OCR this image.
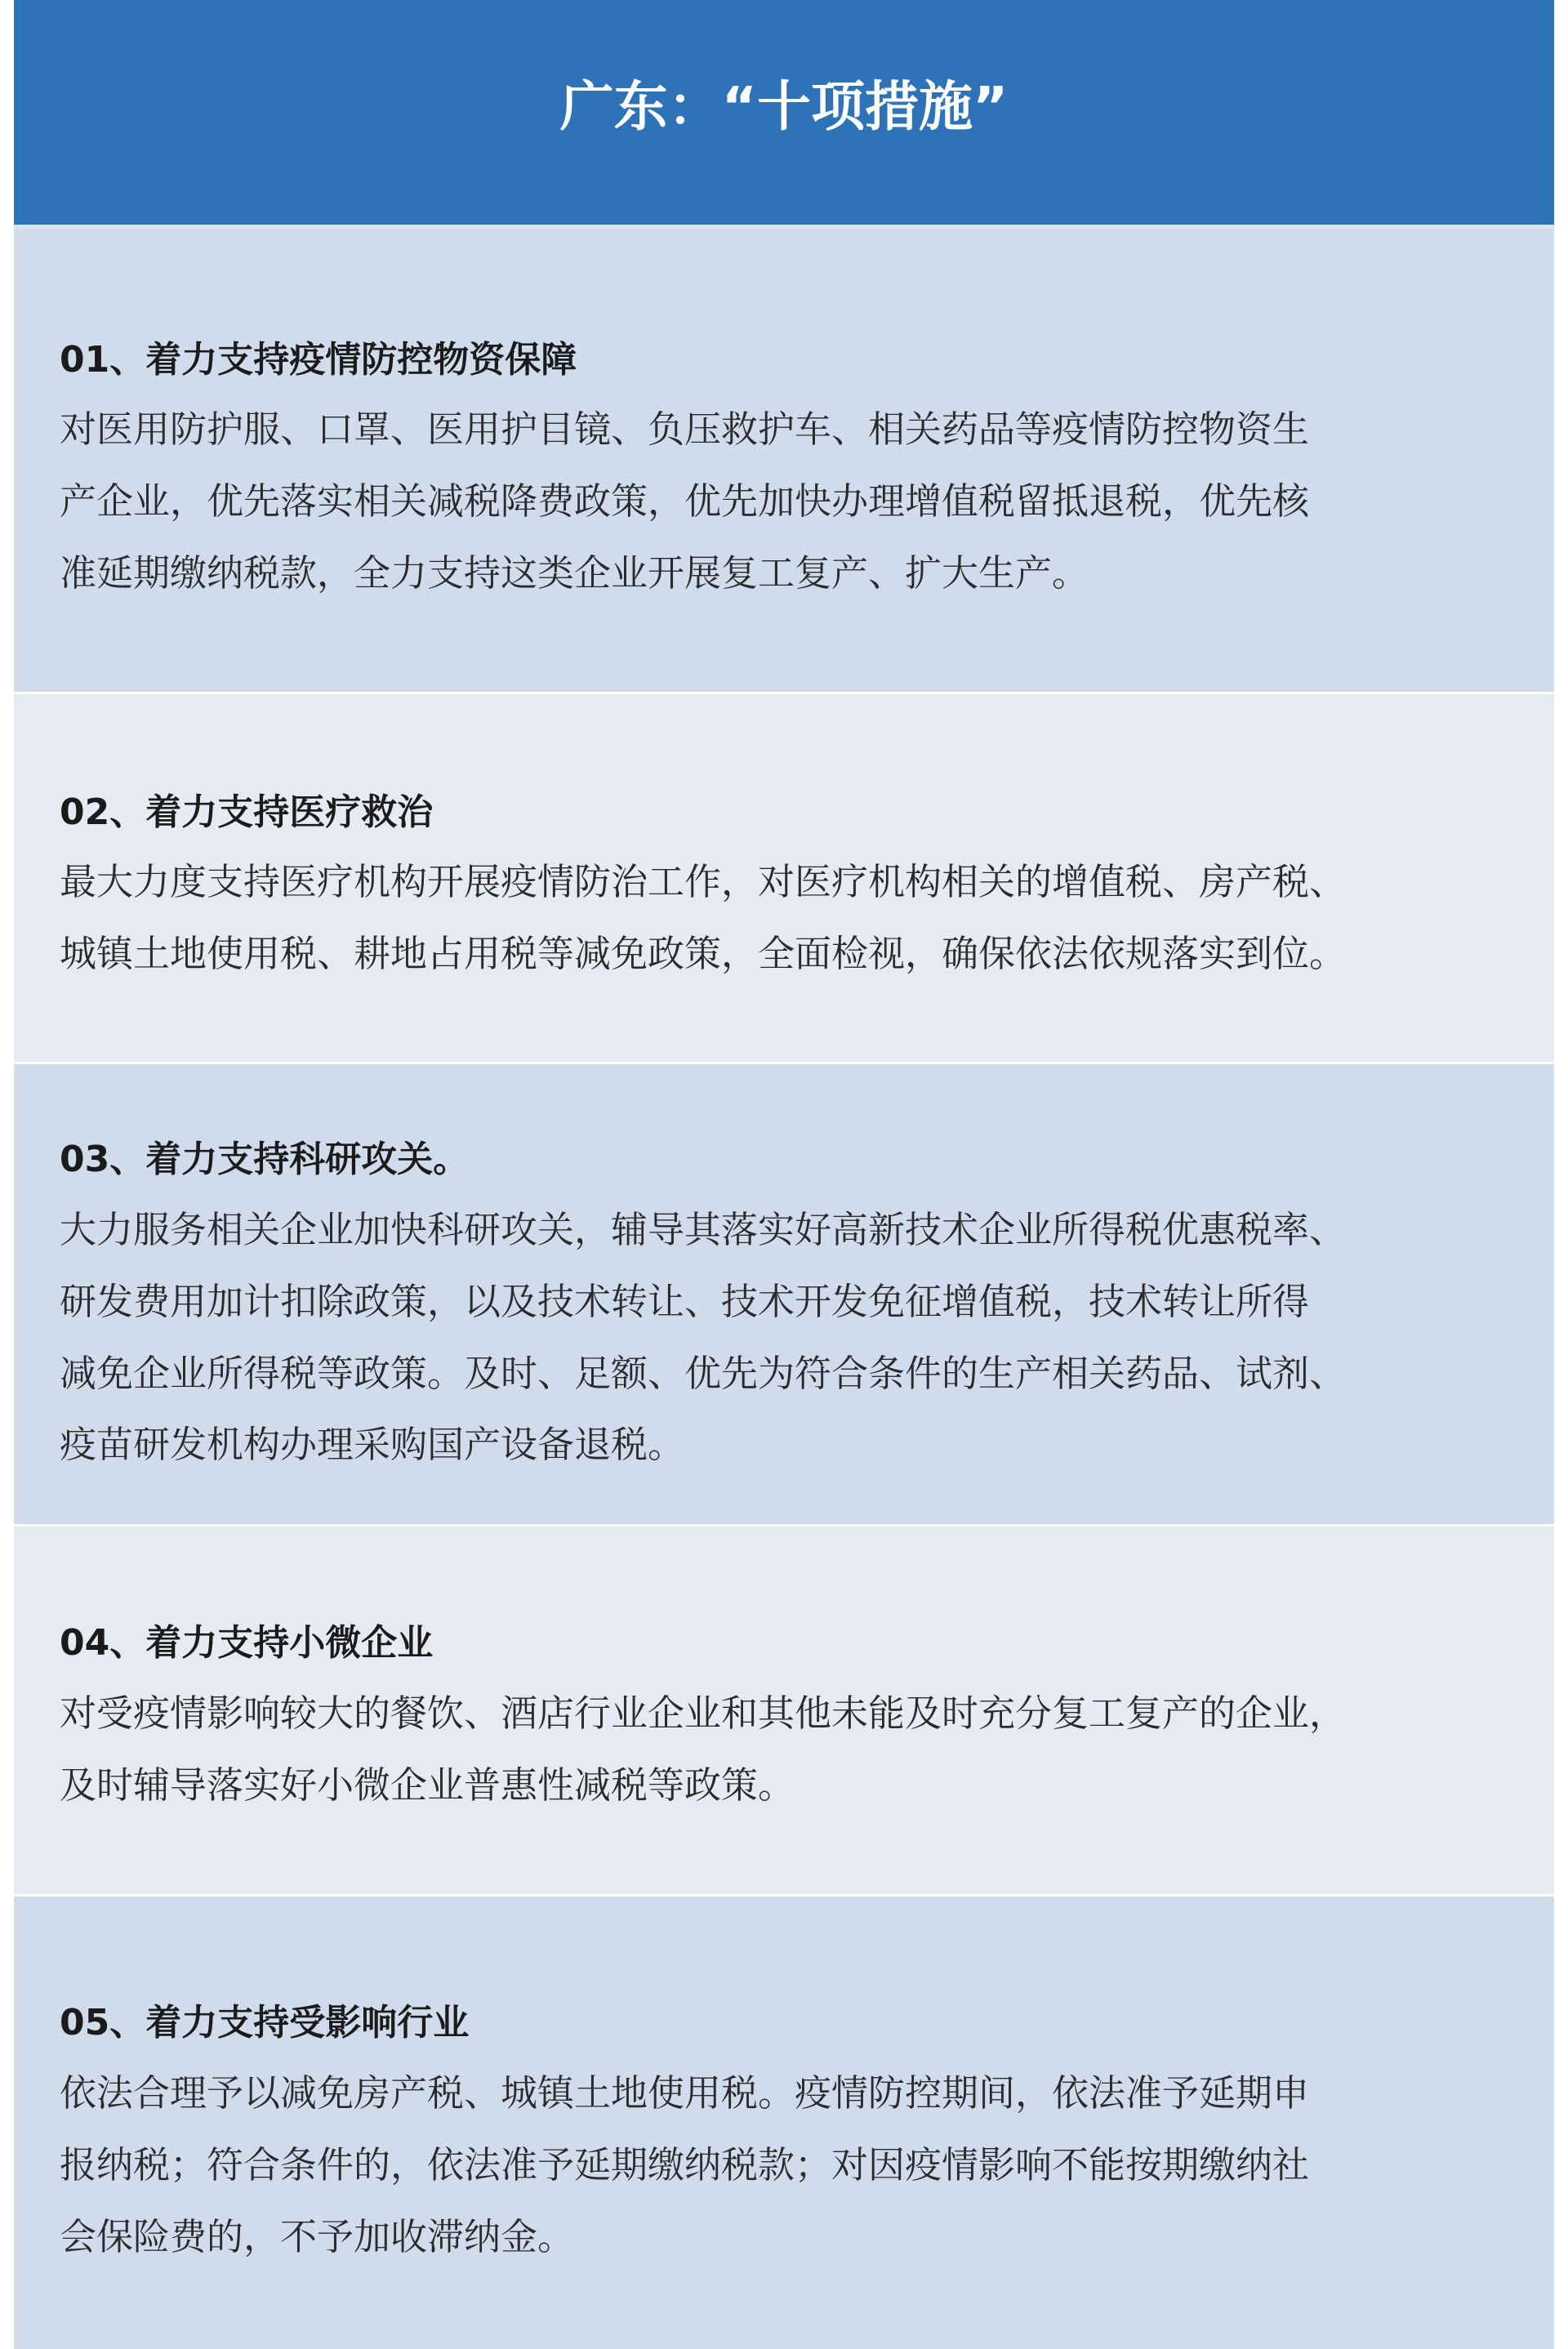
广东：“十项措施”
01、着力支持疫情防控物资保障

对医用防护服、口罩、医用护目镜、负压救护车、相关药品等疫情防控物资生

产企业，优先落实相关减税降费政策，优先加快办理增值税留抵退税，优先核

准延期缴纳税款，全力支持这类企业开展复工复产、扩大生产。

02、着力支持医疗救治

最大力度支持医疗机构开展疫情防治工作，对医疗机构相关的增值税、房产税、

城镇土地使用税、耕地占用税等减免政策，全面检视，确保依法依规落实到位。

03、着力支持科研攻关。

大力服务相关企业加快科研攻关，辅导其落实好高新技术企业所得税优惠税率、

研发费用加计扣除政策，以及技术转让、技术开发免征增值税，技术转让所得

减免企业所得税等政策。及时、足额、优先为符合条件的生产相关药品、试剂、

疫苗研发机构办理采购国产设备退税。

04、着力支持小微企业

对受疫情影响较大的餐饮、酒店行业企业和其他未能及时充分复工复产的企业，

及时辅导落实好小微企业普惠性减税等政策。

05、着力支持受影响行业

依法合理予以减免房产税、城镇土地使用税。疫情防控期间，依法准予延期申

报纳税；符合条件的，依法准予延期缴纳税款；对因疫情影响不能按期缴纳社

会保险费的，不予加收滞纳金。
